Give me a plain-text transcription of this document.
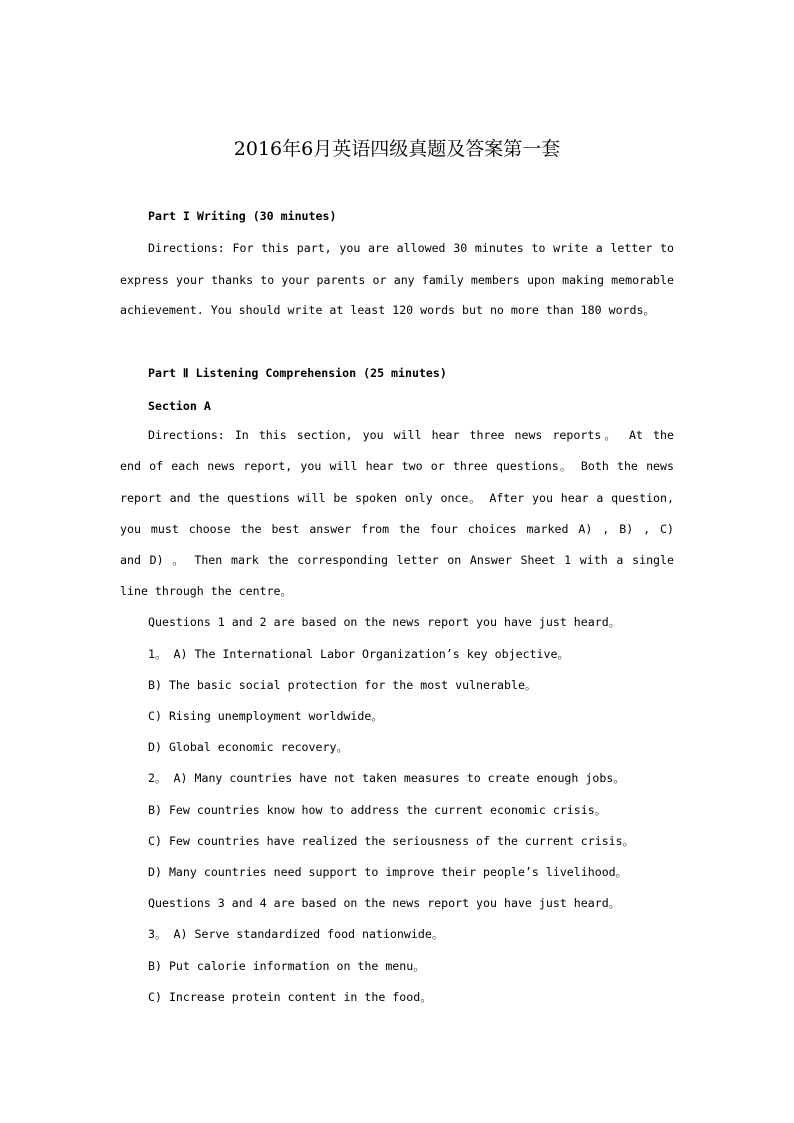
2016年6月英语四级真题及答案第一套
Part I Writing (30 minutes)
Directions: For this part, you are allowed 30 minutes to write a letter to
express your thanks to your parents or any family members upon making memorable
achievement. You should write at least 120 words but no more than 180 words。
Part Ⅱ Listening Comprehension (25 minutes)
Section A
Directions: In this section, you will hear three news reports。 At the
end of each news report, you will hear two or three questions。 Both the news
report and the questions will be spoken only once。 After you hear a question,
you must choose the best answer from the four choices marked A) , B) , C)
and D) 。 Then mark the corresponding letter on Answer Sheet 1 with a single
line through the centre。
Questions 1 and 2 are based on the news report you have just heard。
1。 A) The International Labor Organization’s key objective。
B) The basic social protection for the most vulnerable。
C) Rising unemployment worldwide。
D) Global economic recovery。
2。 A) Many countries have not taken measures to create enough jobs。
B) Few countries know how to address the current economic crisis。
C) Few countries have realized the seriousness of the current crisis。
D) Many countries need support to improve their people’s livelihood。
Questions 3 and 4 are based on the news report you have just heard。
3。 A) Serve standardized food nationwide。
B) Put calorie information on the menu。
C) Increase protein content in the food。
